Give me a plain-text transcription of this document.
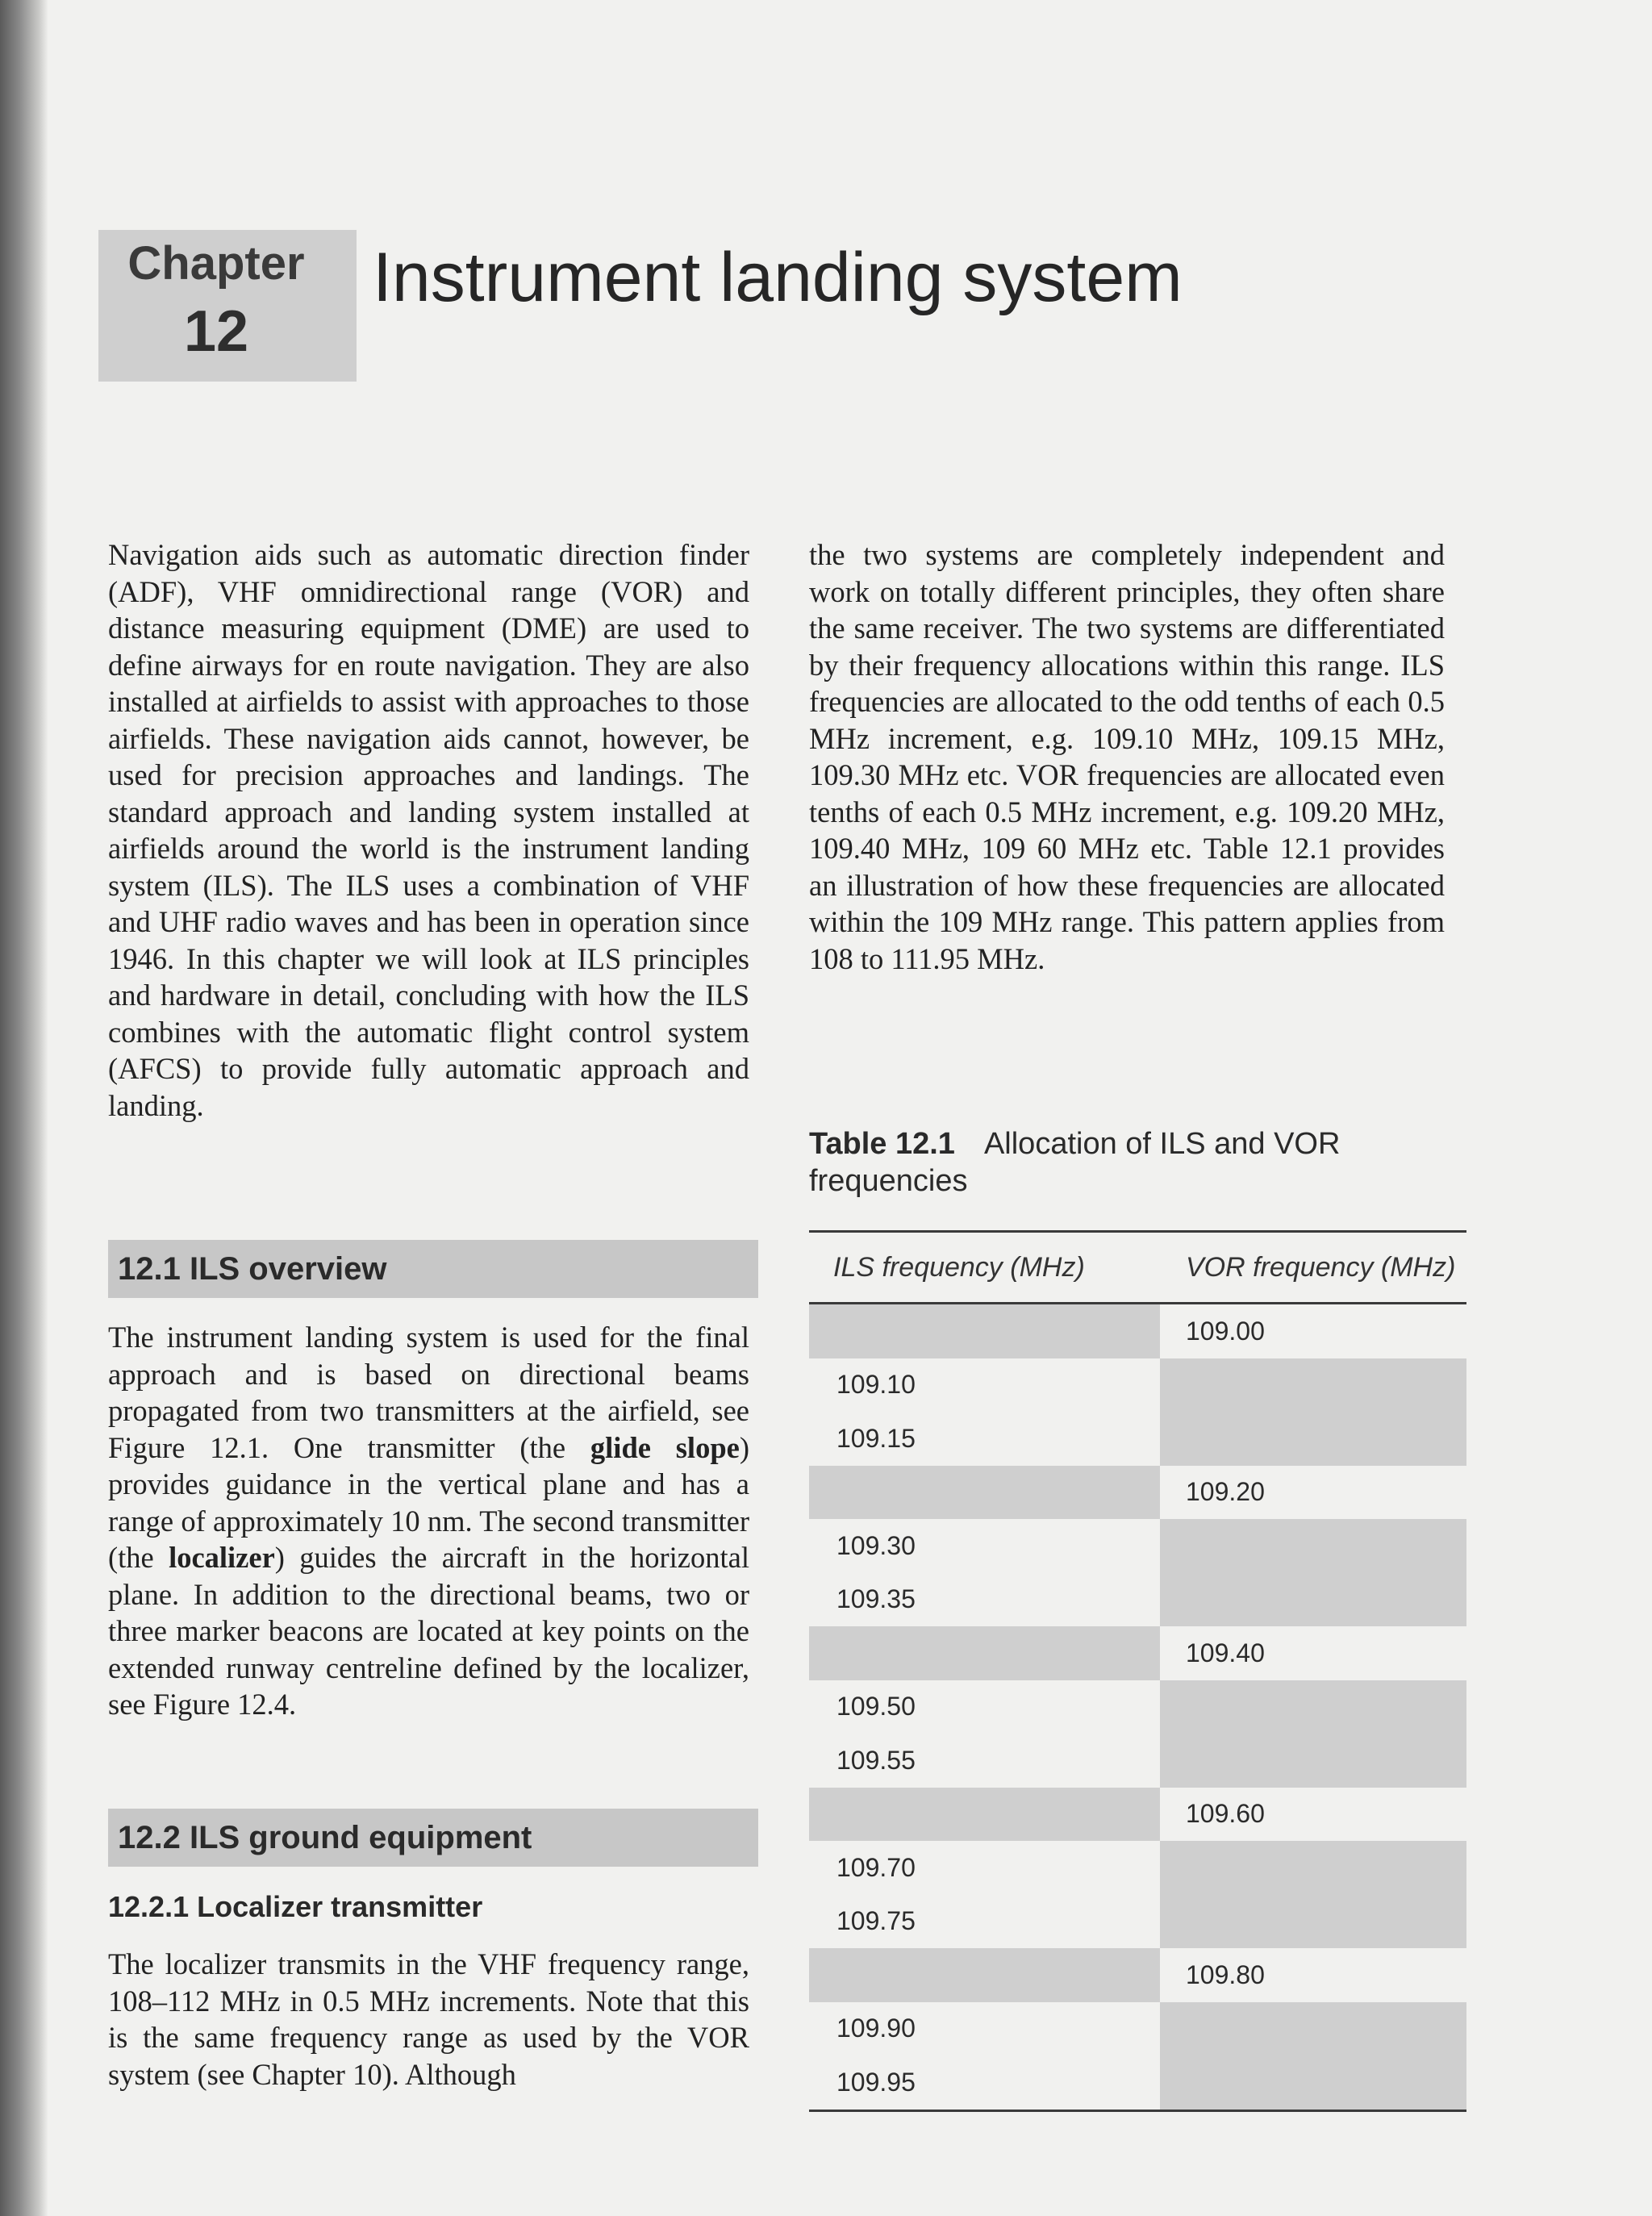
Chapter
12
Instrument landing system

Navigation aids such as automatic direction finder (ADF), VHF omnidirectional range (VOR) and distance measuring equipment (DME) are used to define airways for en route navigation. They are also installed at airfields to assist with approaches to those airfields. These navigation aids cannot, however, be used for precision approaches and landings. The standard approach and landing system installed at airfields around the world is the instrument landing system (ILS). The ILS uses a combination of VHF and UHF radio waves and has been in operation since 1946. In this chapter we will look at ILS principles and hardware in detail, concluding with how the ILS combines with the automatic flight control system (AFCS) to provide fully automatic approach and landing.

12.1 ILS overview

The instrument landing system is used for the final approach and is based on directional beams propagated from two transmitters at the airfield, see Figure 12.1. One transmitter (the glide slope) provides guidance in the vertical plane and has a range of approximately 10 nm. The second transmitter (the localizer) guides the aircraft in the horizontal plane. In addition to the directional beams, two or three marker beacons are located at key points on the extended runway centreline defined by the localizer, see Figure 12.4.

12.2 ILS ground equipment
12.2.1 Localizer transmitter

The localizer transmits in the VHF frequency range, 108–112 MHz in 0.5 MHz increments. Note that this is the same frequency range as used by the VOR system (see Chapter 10). Although

the two systems are completely independent and work on totally different principles, they often share the same receiver. The two systems are differentiated by their frequency allocations within this range. ILS frequencies are allocated to the odd tenths of each 0.5 MHz increment, e.g. 109.10 MHz, 109.15 MHz, 109.30 MHz etc. VOR frequencies are allocated even tenths of each 0.5 MHz increment, e.g. 109.20 MHz, 109.40 MHz, 109 60 MHz etc. Table 12.1 provides an illustration of how these frequencies are allocated within the 109 MHz range. This pattern applies from 108 to 111.95 MHz.

Table 12.1 Allocation of ILS and VOR frequencies
ILS frequency (MHz)	VOR frequency (MHz)
	109.00
109.10	
109.15	
	109.20
109.30	
109.35	
	109.40
109.50	
109.55	
	109.60
109.70	
109.75	
	109.80
109.90	
109.95	
